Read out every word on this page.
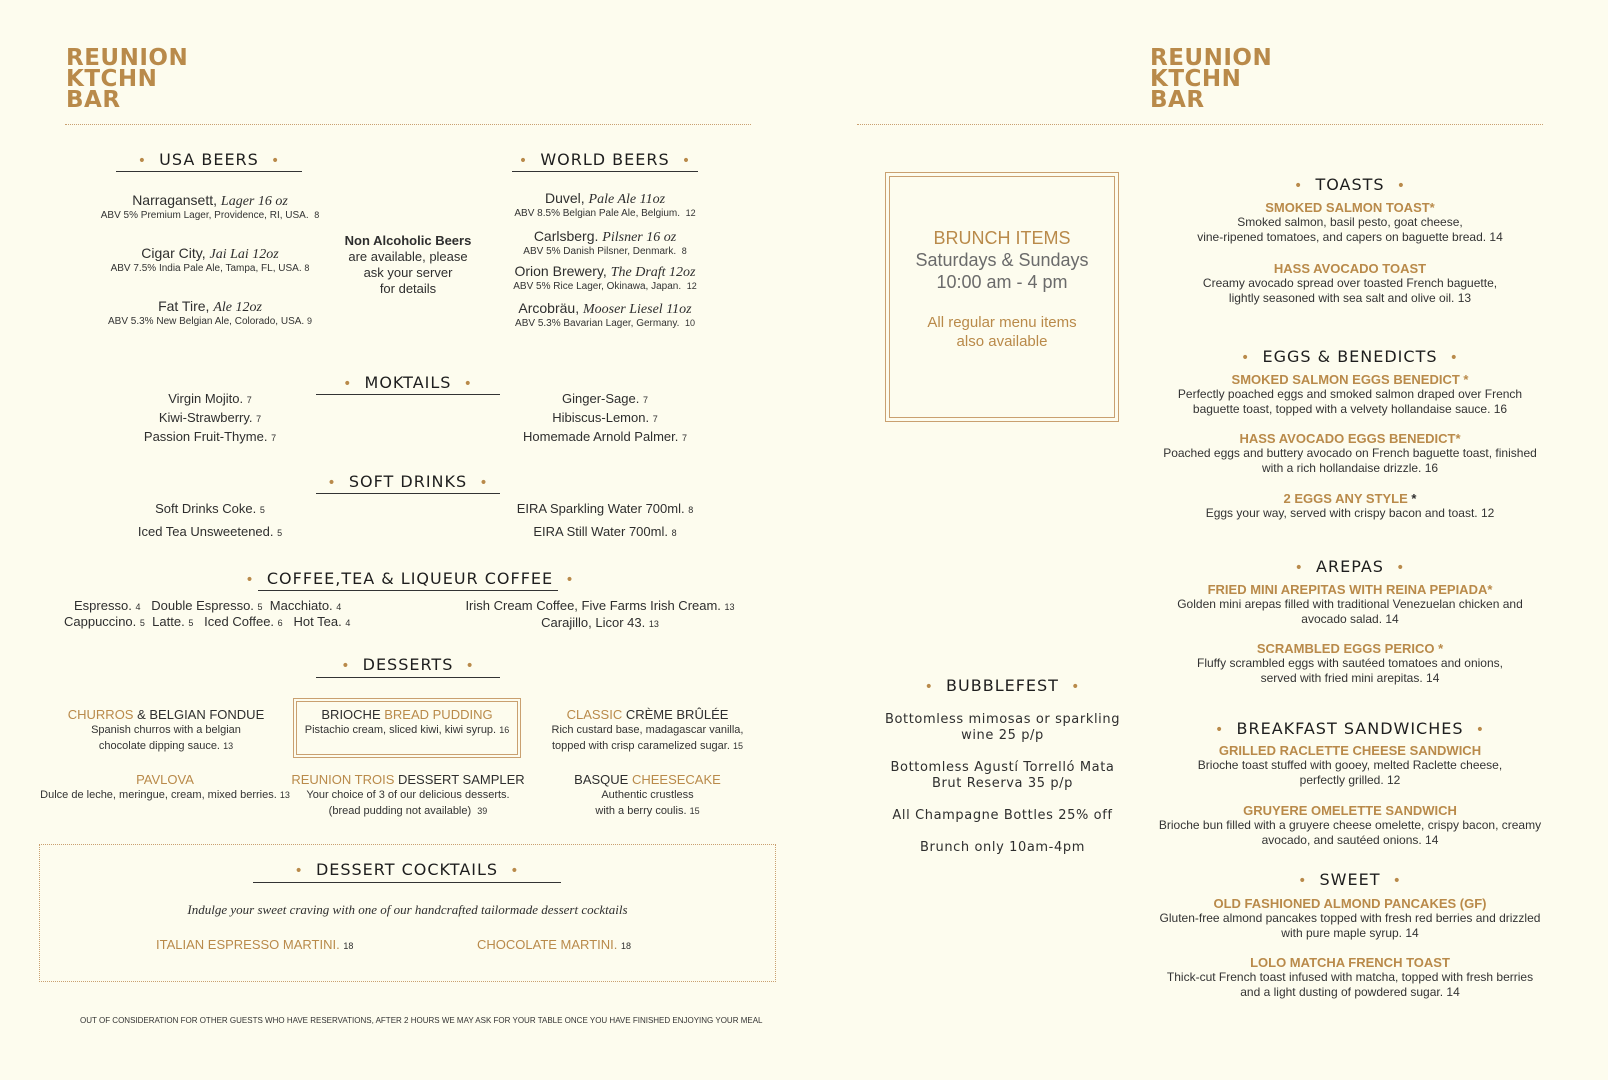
REUNION
KTCHN
BAR
• USA BEERS •
Narragansett, Lager 16 oz
ABV 5% Premium Lager, Providence, RI, USA. 8
Cigar City, Jai Lai 12oz
ABV 7.5% India Pale Ale, Tampa, FL, USA. 8
Fat Tire, Ale 12oz
ABV 5.3% New Belgian Ale, Colorado, USA. 9
Non Alcoholic Beers
are available, please
ask your server
for details
• WORLD BEERS •
Duvel, Pale Ale 11oz
ABV 8.5% Belgian Pale Ale, Belgium. 12
Carlsberg. Pilsner 16 oz
ABV 5% Danish Pilsner, Denmark. 8
Orion Brewery, The Draft 12oz
ABV 5% Rice Lager, Okinawa, Japan. 12
Arcobräu, Mooser Liesel 11oz
ABV 5.3% Bavarian Lager, Germany. 10
• MOKTAILS •
Virgin Mojito. 7
Kiwi-Strawberry. 7
Passion Fruit-Thyme. 7
Ginger-Sage. 7
Hibiscus-Lemon. 7
Homemade Arnold Palmer. 7
• SOFT DRINKS •
Soft Drinks Coke. 5
Iced Tea Unsweetened. 5
EIRA Sparkling Water 700ml. 8
EIRA Still Water 700ml. 8
• COFFEE,TEA & LIQUEUR COFFEE •
Espresso. 4 Double Espresso. 5 Macchiato. 4
Cappuccino. 5 Latte. 5 Iced Coffee. 6 Hot Tea. 4
Irish Cream Coffee, Five Farms Irish Cream. 13
Carajillo, Licor 43. 13
• DESSERTS •
CHURROS & BELGIAN FONDUE
Spanish churros with a belgian
chocolate dipping sauce. 13
BRIOCHE BREAD PUDDING
Pistachio cream, sliced kiwi, kiwi syrup. 16
CLASSIC CRÈME BRÛLÉE
Rich custard base, madagascar vanilla,
topped with crisp caramelized sugar. 15
PAVLOVA
Dulce de leche, meringue, cream, mixed berries. 13
REUNION TROIS DESSERT SAMPLER
Your choice of 3 of our delicious desserts.
(bread pudding not available) 39
BASQUE CHEESECAKE
Authentic crustless
with a berry coulis. 15
• DESSERT COCKTAILS •
Indulge your sweet craving with one of our handcrafted tailormade dessert cocktails
ITALIAN ESPRESSO MARTINI. 18	CHOCOLATE MARTINI. 18
OUT OF CONSIDERATION FOR OTHER GUESTS WHO HAVE RESERVATIONS, AFTER 2 HOURS WE MAY ASK FOR YOUR TABLE ONCE YOU HAVE FINISHED ENJOYING YOUR MEAL
REUNION
KTCHN
BAR
BRUNCH ITEMS
Saturdays & Sundays
10:00 am - 4 pm
All regular menu items
also available
• BUBBLEFEST •
Bottomless mimosas or sparkling
wine 25 p/p
Bottomless Agustí Torrelló Mata
Brut Reserva 35 p/p
All Champagne Bottles 25% off
Brunch only 10am-4pm
• TOASTS •
SMOKED SALMON TOAST*
Smoked salmon, basil pesto, goat cheese,
vine-ripened tomatoes, and capers on baguette bread. 14
HASS AVOCADO TOAST
Creamy avocado spread over toasted French baguette,
lightly seasoned with sea salt and olive oil. 13
• EGGS & BENEDICTS •
SMOKED SALMON EGGS BENEDICT *
Perfectly poached eggs and smoked salmon draped over French
baguette toast, topped with a velvety hollandaise sauce. 16
HASS AVOCADO EGGS BENEDICT*
Poached eggs and buttery avocado on French baguette toast, finished
with a rich hollandaise drizzle. 16
2 EGGS ANY STYLE *
Eggs your way, served with crispy bacon and toast. 12
• AREPAS •
FRIED MINI AREPITAS WITH REINA PEPIADA*
Golden mini arepas filled with traditional Venezuelan chicken and
avocado salad. 14
SCRAMBLED EGGS PERICO *
Fluffy scrambled eggs with sautéed tomatoes and onions,
served with fried mini arepitas. 14
• BREAKFAST SANDWICHES •
GRILLED RACLETTE CHEESE SANDWICH
Brioche toast stuffed with gooey, melted Raclette cheese,
perfectly grilled. 12
GRUYERE OMELETTE SANDWICH
Brioche bun filled with a gruyere cheese omelette, crispy bacon, creamy
avocado, and sautéed onions. 14
• SWEET •
OLD FASHIONED ALMOND PANCAKES (GF)
Gluten-free almond pancakes topped with fresh red berries and drizzled
with pure maple syrup. 14
LOLO MATCHA FRENCH TOAST
Thick-cut French toast infused with matcha, topped with fresh berries
and a light dusting of powdered sugar. 14
